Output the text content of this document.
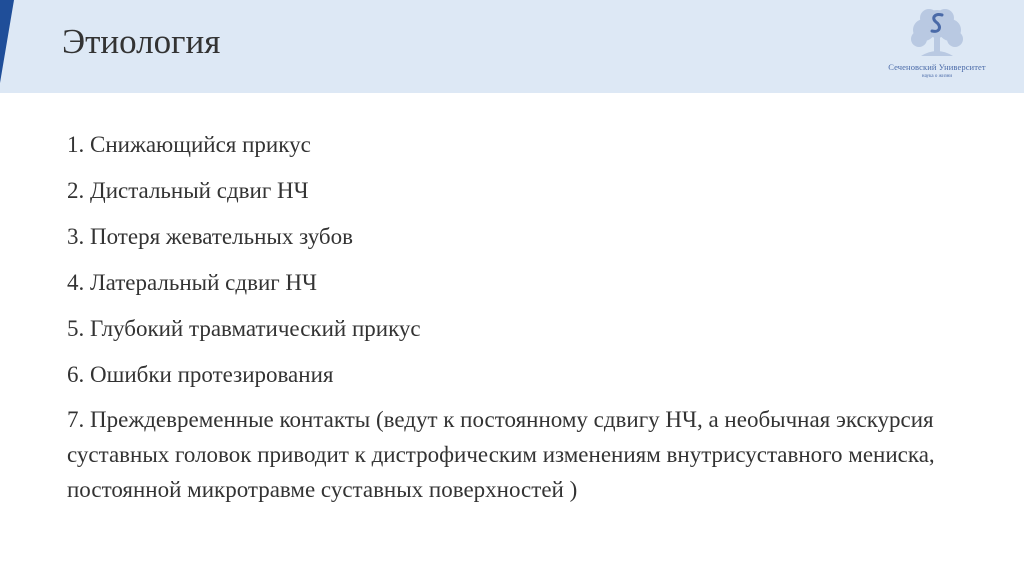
Этиология
Сеченовский Университет
наука о жизни
1. Снижающийся прикус
2. Дистальный сдвиг НЧ
3. Потеря жевательных зубов
4. Латеральный сдвиг НЧ
5. Глубокий травматический прикус
6. Ошибки протезирования
7. Преждевременные контакты (ведут к постоянному сдвигу НЧ, а необычная экскурсия суставных головок приводит к дистрофическим изменениям внутрисуставного мениска, постоянной микротравме суставных поверхностей )
